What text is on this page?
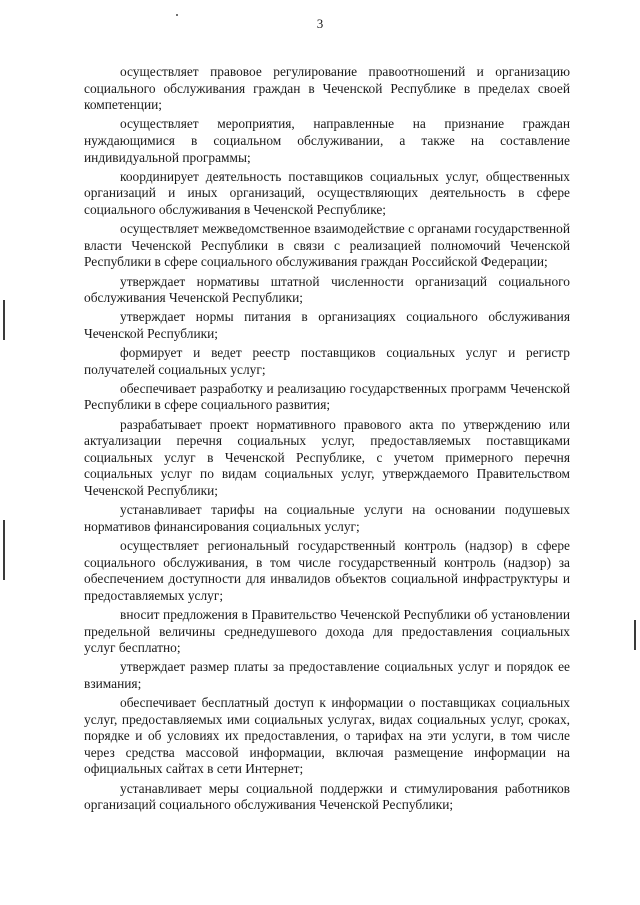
3

осуществляет правовое регулирование правоотношений и организацию социального обслуживания граждан в Чеченской Республике в пределах своей компетенции;

осуществляет мероприятия, направленные на признание граждан нуждающимися в социальном обслуживании, а также на составление индивидуальной программы;

координирует деятельность поставщиков социальных услуг, общественных организаций и иных организаций, осуществляющих деятельность в сфере социального обслуживания в Чеченской Республике;

осуществляет межведомственное взаимодействие с органами государственной власти Чеченской Республики в связи с реализацией полномочий Чеченской Республики в сфере социального обслуживания граждан Российской Федерации;

утверждает нормативы штатной численности организаций социального обслуживания Чеченской Республики;

утверждает нормы питания в организациях социального обслуживания Чеченской Республики;

формирует и ведет реестр поставщиков социальных услуг и регистр получателей социальных услуг;

обеспечивает разработку и реализацию государственных программ Чеченской Республики в сфере социального развития;

разрабатывает проект нормативного правового акта по утверждению или актуализации перечня социальных услуг, предоставляемых поставщиками социальных услуг в Чеченской Республике, с учетом примерного перечня социальных услуг по видам социальных услуг, утверждаемого Правительством Чеченской Республики;

устанавливает тарифы на социальные услуги на основании подушевых нормативов финансирования социальных услуг;

осуществляет региональный государственный контроль (надзор) в сфере социального обслуживания, в том числе государственный контроль (надзор) за обеспечением доступности для инвалидов объектов социальной инфраструктуры и предоставляемых услуг;

вносит предложения в Правительство Чеченской Республики об установлении предельной величины среднедушевого дохода для предоставления социальных услуг бесплатно;

утверждает размер платы за предоставление социальных услуг и порядок ее взимания;

обеспечивает бесплатный доступ к информации о поставщиках социальных услуг, предоставляемых ими социальных услугах, видах социальных услуг, сроках, порядке и об условиях их предоставления, о тарифах на эти услуги, в том числе через средства массовой информации, включая размещение информации на официальных сайтах в сети Интернет;

устанавливает меры социальной поддержки и стимулирования работников организаций социального обслуживания Чеченской Республики;
